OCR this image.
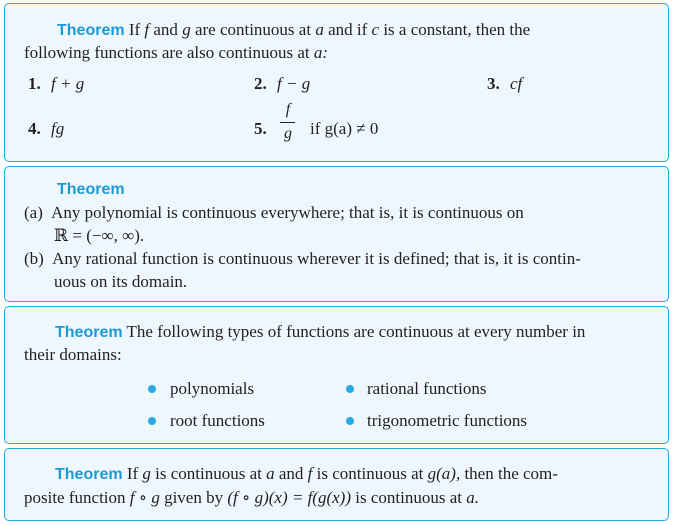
Theorem If f and g are continuous at a and if c is a constant, then the
following functions are also continuous at a:
1. f + g	2. f − g	3. cf
4. fg	5.
f
g if g(a) ≠ 0
Theorem
(a) Any polynomial is continuous everywhere; that is, it is continuous on
ℝ = (−∞, ∞).
(b) Any rational function is continuous wherever it is defined; that is, it is contin-
uous on its domain.
Theorem The following types of functions are continuous at every number in
their domains:
polynomials	rational functions
root functions	trigonometric functions
Theorem If g is continuous at a and f is continuous at g(a), then the com-
posite function f ∘ g given by (f ∘ g)(x) = f(g(x)) is continuous at a.
